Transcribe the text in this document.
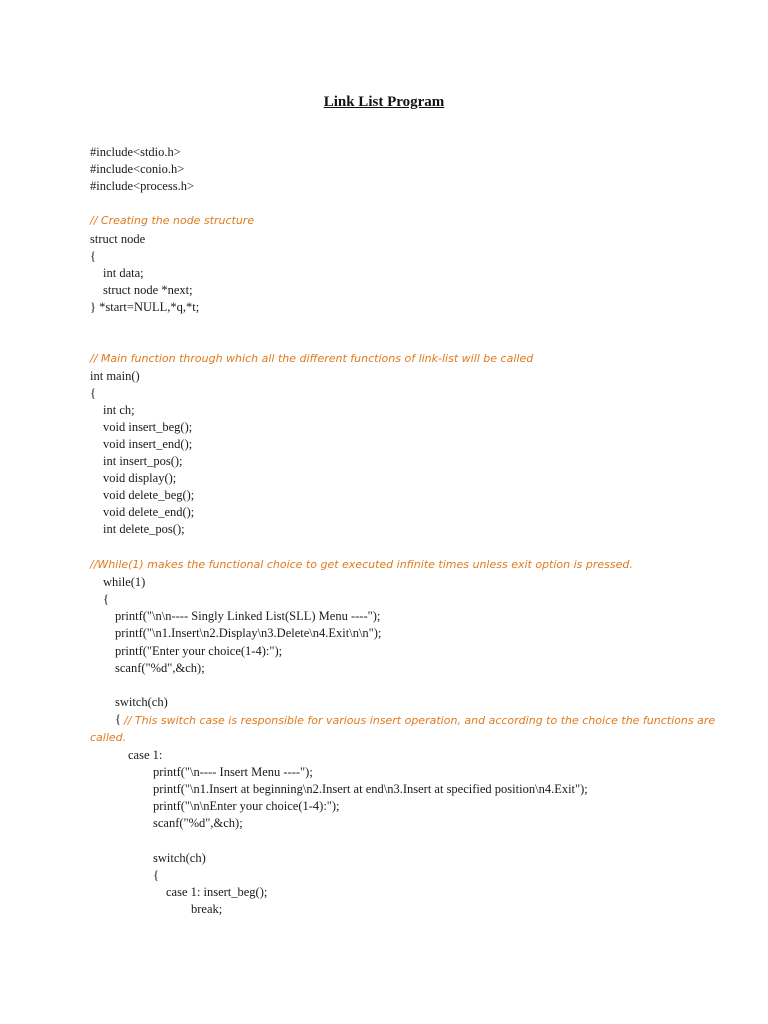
Link List Program
#include<stdio.h>
#include<conio.h>
#include<process.h>
// Creating the node structure
struct node
{
int data;
struct node *next;
} *start=NULL,*q,*t;
// Main function through which all the different functions of link-list will be called
int main()
{
int ch;
void insert_beg();
void insert_end();
int insert_pos();
void display();
void delete_beg();
void delete_end();
int delete_pos();
//While(1) makes the functional choice to get executed infinite times unless exit option is pressed.
while(1)
{
printf("\n\n---- Singly Linked List(SLL) Menu ----");
printf("\n1.Insert\n2.Display\n3.Delete\n4.Exit\n\n");
printf("Enter your choice(1-4):");
scanf("%d",&ch);
switch(ch)
{ // This switch case is responsible for various insert operation, and according to the choice the functions are
called.
case 1:
printf("\n---- Insert Menu ----");
printf("\n1.Insert at beginning\n2.Insert at end\n3.Insert at specified position\n4.Exit");
printf("\n\nEnter your choice(1-4):");
scanf("%d",&ch);
switch(ch)
{
case 1: insert_beg();
break;
